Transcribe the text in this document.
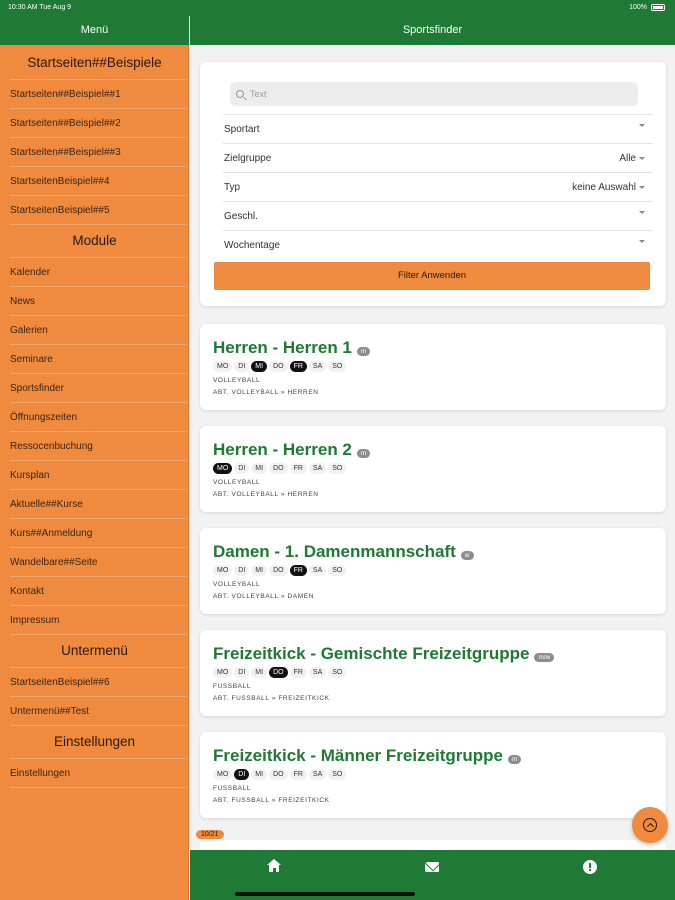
10:30 AM Tue Aug 9	100%
Menü
Startseiten##Beispiele
Startseiten##Beispiel##1
Startseiten##Beispiel##2
Startseiten##Beispiel##3
StartseitenBeispiel##4
StartseitenBeispiel##5
Module
Kalender
News
Galerien
Seminare
Sportsfinder
Öffnungszeiten
Ressocenbuchung
Kursplan
Aktuelle##Kurse
Kurs##Anmeldung
Wandelbare##Seite
Kontakt
Impressum
Untermenü
StartseitenBeispiel##6
Untermenü##Test
Einstellungen
Einstellungen
Sportsfinder
Text
Sportart
Zielgruppe	Alle
Typ	keine Auswahl
Geschl.
Wochentage
Filter Anwenden
Herren - Herren 1	m
MO	DI	MI	DO	FR	SA	SO
VOLLEYBALL
ABT. VOLLEYBALL » HERREN
Herren - Herren 2	m
MO	DI	MI	DO	FR	SA	SO
VOLLEYBALL
ABT. VOLLEYBALL » HERREN
Damen - 1. Damenmannschaft	w
MO	DI	MI	DO	FR	SA	SO
VOLLEYBALL
ABT. VOLLEYBALL » DAMEN
Freizeitkick - Gemischte Freizeitgruppe	m/w
MO	DI	MI	DO	FR	SA	SO
FUSSBALL
ABT. FUSSBALL » FREIZEITKICK
Freizeitkick - Männer Freizeitgruppe	m
MO	DI	MI	DO	FR	SA	SO
FUSSBALL
ABT. FUSSBALL » FREIZEITKICK
10/21
